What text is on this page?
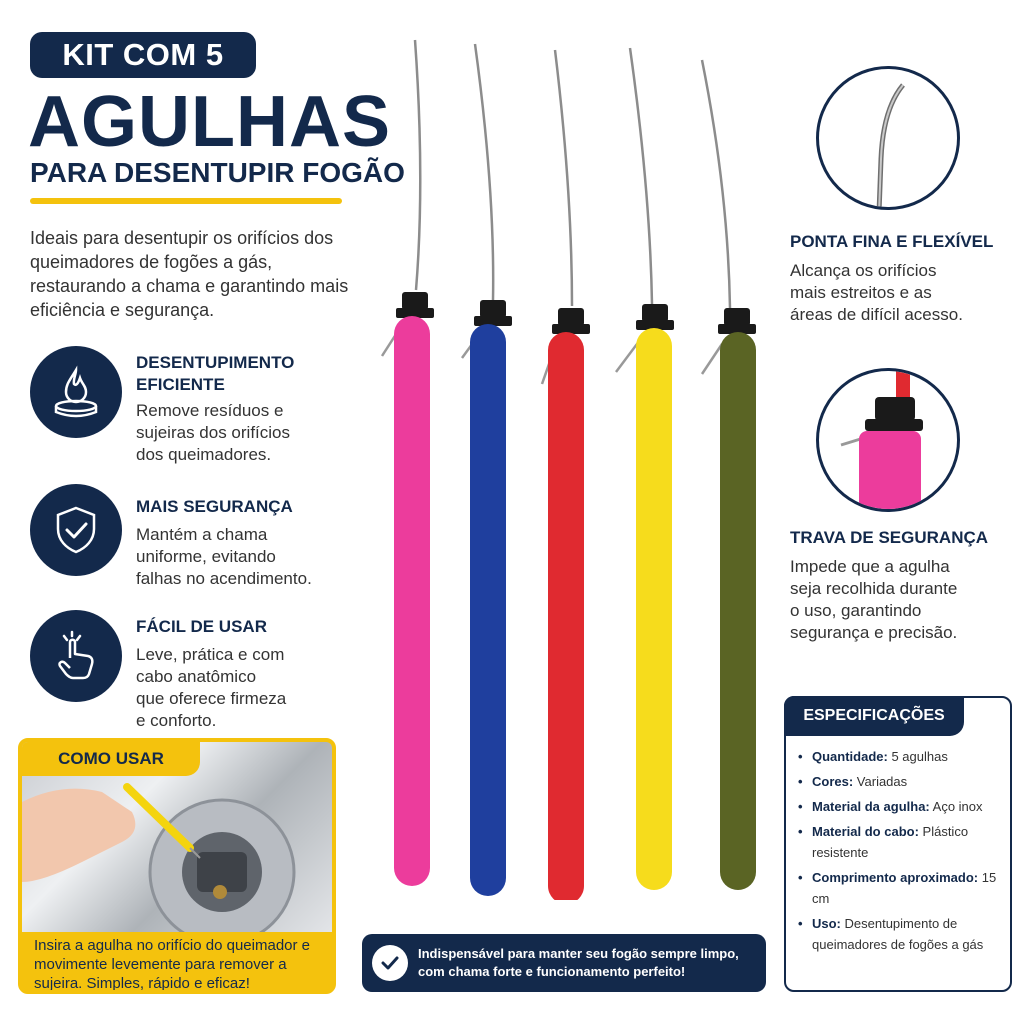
KIT COM 5
AGULHAS
PARA DESENTUPIR FOGÃO
Ideais para desentupir os orifícios dos queimadores de fogões a gás, restaurando a chama e garantindo mais eficiência e segurança.
DESENTUPIMENTO
EFICIENTE
Remove resíduos e
sujeiras dos orifícios
dos queimadores.
MAIS SEGURANÇA
Mantém a chama
uniforme, evitando
falhas no acendimento.
FÁCIL DE USAR
Leve, prática e com
cabo anatômico
que oferece firmeza
e conforto.
COMO USAR
Insira a agulha no orifício do queimador e movimente levemente para remover a sujeira. Simples, rápido e eficaz!
Indispensável para manter seu fogão sempre limpo,
com chama forte e funcionamento perfeito!
PONTA FINA E FLEXÍVEL
Alcança os orifícios
mais estreitos e as
áreas de difícil acesso.
TRAVA DE SEGURANÇA
Impede que a agulha
seja recolhida durante
o uso, garantindo
segurança e precisão.
ESPECIFICAÇÕES
• Quantidade: 5 agulhas
• Cores: Variadas
• Material da agulha: Aço inox
• Material do cabo: Plástico resistente
• Comprimento aproximado: 15 cm
• Uso: Desentupimento de queimadores de fogões a gás
